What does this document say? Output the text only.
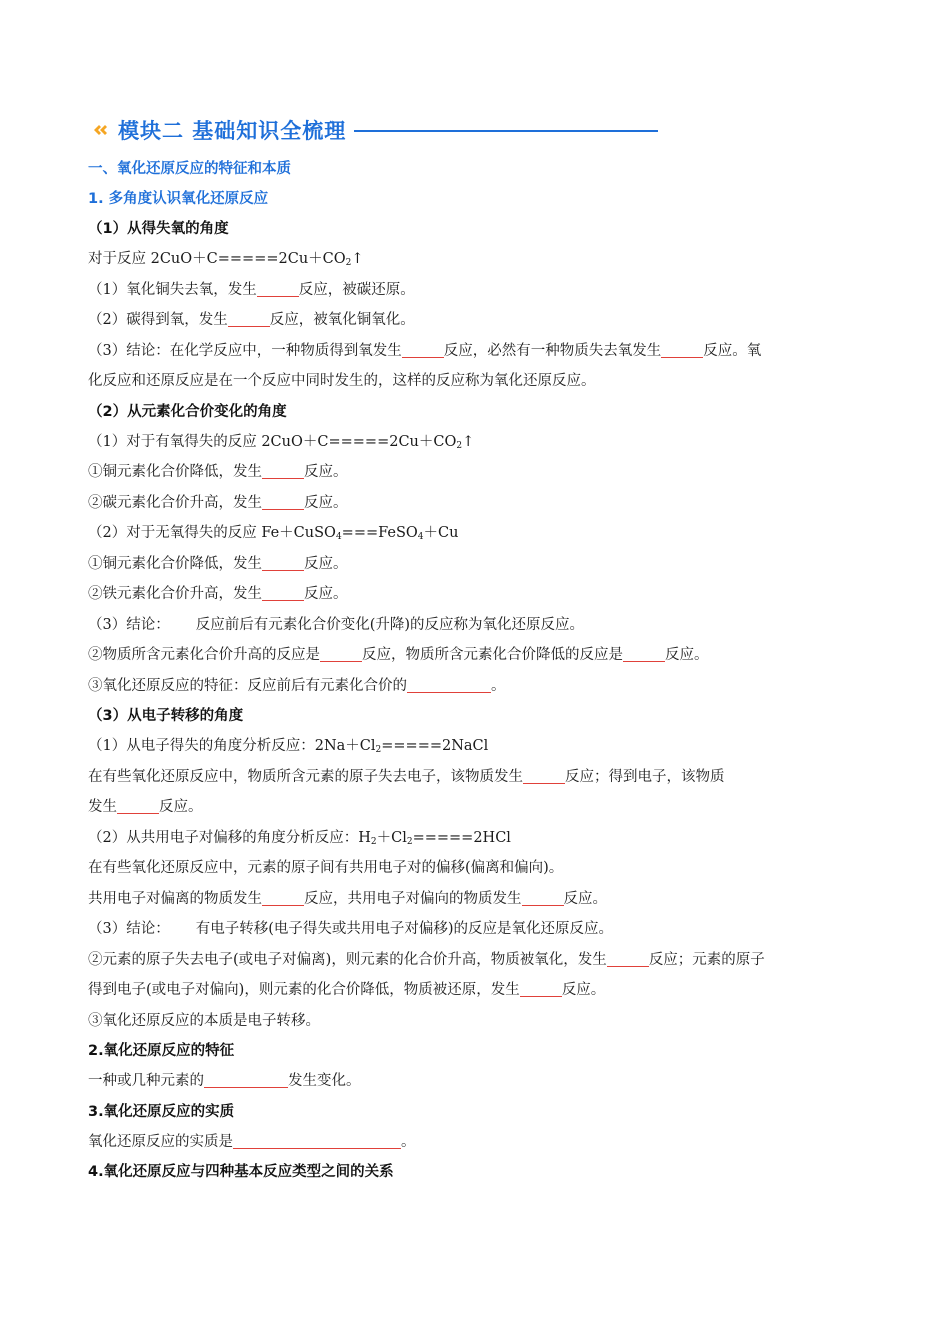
模块二 基础知识全梳理
一、氧化还原反应的特征和本质
1. 多角度认识氧化还原反应
（1）从得失氧的角度
对于反应 $2CuO+C=====2Cu+CO_2↑$
（1）氧化铜失去氧，发生	反应，被碳还原。
（2）碳得到氧，发生	反应，被氧化铜氧化。
（3）结论：在化学反应中，一种物质得到氧发生	反应，必然有一种物质失去氧发生	反应。氧
化反应和还原反应是在一个反应中同时发生的，这样的反应称为氧化还原反应。
（2）从元素化合价变化的角度
（1）对于有氧得失的反应 $2CuO+C=====2Cu+CO_2↑$
①铜元素化合价降低，发生	反应。
②碳元素化合价升高，发生	反应。
（2）对于无氧得失的反应 Fe＋CuSO$_4$===FeSO$_4$＋Cu
①铜元素化合价降低，发生	反应。
②铁元素化合价升高，发生	反应。
（3）结论： 反应前后有元素化合价变化(升降)的反应称为氧化还原反应。
②物质所含元素化合价升高的反应是	反应，物质所含元素化合价降低的反应是	反应。
③氧化还原反应的特征：反应前后有元素化合价的	。
（3）从电子转移的角度
（1）从电子得失的角度分析反应：$2Na+Cl_2=====2NaCl$
在有些氧化还原反应中，物质所含元素的原子失去电子，该物质发生	反应；得到电子，该物质
发生	反应。
（2）从共用电子对偏移的角度分析反应：$H_2+Cl_2=====2HCl$
在有些氧化还原反应中，元素的原子间有共用电子对的偏移(偏离和偏向)。
共用电子对偏离的物质发生	反应，共用电子对偏向的物质发生	反应。
（3）结论： 有电子转移(电子得失或共用电子对偏移)的反应是氧化还原反应。
②元素的原子失去电子(或电子对偏离)，则元素的化合价升高，物质被氧化，发生	反应；元素的原子
得到电子(或电子对偏向)，则元素的化合价降低，物质被还原，发生	反应。
③氧化还原反应的本质是电子转移。
2.氧化还原反应的特征
一种或几种元素的	发生变化。
3.氧化还原反应的实质
氧化还原反应的实质是	。
4.氧化还原反应与四种基本反应类型之间的关系
